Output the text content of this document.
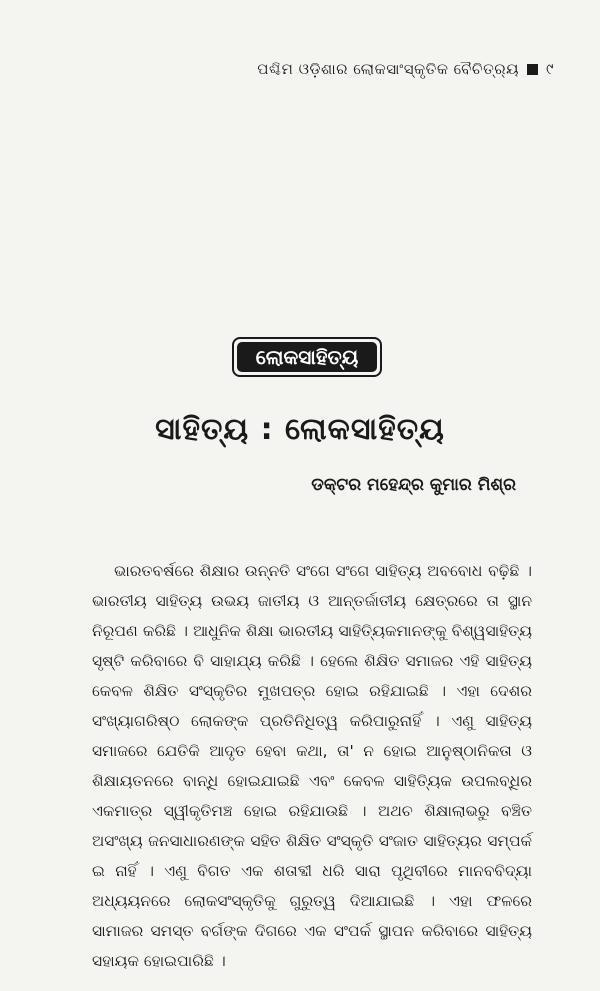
ପଶ୍ଚିମ ଓଡ଼ିଶାର ଲୋକସାଂସ୍କୃତିକ ବୈଚିତ୍ର୍ୟ ୯
ଲୋକସାହିତ୍ୟ
ସାହିତ୍ୟ : ଲୋକସାହିତ୍ୟ
ଡକ୍ଟର ମହେନ୍ଦ୍ର କୁମାର ମିଶ୍ର

ଭାରତବର୍ଷରେ ଶିକ୍ଷାର ଉନ୍ନତି ସଂଗେ ସଂଗେ ସାହିତ୍ୟ ଅବବୋଧ ବଢ଼ିଛି । ଭାରତୀୟ ସାହିତ୍ୟ ଉଭୟ ଜାତୀୟ ଓ ଆନ୍ତର୍ଜାତୀୟ କ୍ଷେତ୍ରରେ ତା ସ୍ଥାନ ନିରୂପଣ କରିଛି । ଆଧୁନିକ ଶିକ୍ଷା ଭାରତୀୟ ସାହିତ୍ୟିକମାନଙ୍କୁ ବିଶ୍ୱସାହିତ୍ୟ ସୃଷ୍ଟି କରିବାରେ ବି ସାହାଯ୍ୟ କରିଛି । ହେଲେ ଶିକ୍ଷିତ ସମାଜର ଏହି ସାହିତ୍ୟ କେବଳ ଶିକ୍ଷିତ ସଂସ୍କୃତିର ମୁଖପତ୍ର ହୋଇ ରହିଯାଇଛି । ଏହା ଦେଶର ସଂଖ୍ୟାଗରିଷ୍ଠ ଲୋକଙ୍କ ପ୍ରତିନିଧିତ୍ୱ କରିପାରୁନାହିଁ । ଏଣୁ ସାହିତ୍ୟ ସମାଜରେ ଯେତିକି ଆଦୃତ ହେବା କଥା, ତା' ନ ହୋଇ ଆନୁଷ୍ଠାନିକତା ଓ ଶିକ୍ଷାୟତନରେ ବାନ୍ଧି ହୋଇଯାଇଛି ଏବଂ କେବଳ ସାହିତ୍ୟିକ ଉପଲବ୍ଧିର ଏକମାତ୍ର ସ୍ୱୀକୃତିମଞ୍ଚ ହୋଇ ରହିଯାଉଛି । ଅଥଚ ଶିକ୍ଷାଲାଭରୁ ବଞ୍ଚିତ ଅସଂଖ୍ୟ ଜନସାଧାରଣଙ୍କ ସହିତ ଶିକ୍ଷିତ ସଂସ୍କୃତି ସଂଜାତ ସାହିତ୍ୟର ସମ୍ପର୍କ ଇ ନାହିଁ । ଏଣୁ ବିଗତ ଏକ ଶତାବ୍ଦୀ ଧରି ସାରା ପୃଥିବୀରେ ମାନବବିଦ୍ୟା ଅଧ୍ୟୟନରେ ଲୋକସଂସ୍କୃତିକୁ ଗୁରୁତ୍ୱ ଦିଆଯାଇଛି । ଏହା ଫଳରେ ସାମାଜର ସମସ୍ତ ବର୍ଗଙ୍କ ଦିଗରେ ଏକ ସଂପର୍କ ସ୍ଥାପନ କରିବାରେ ସାହିତ୍ୟ ସହାୟକ ହୋଇପାରିଛି ।
